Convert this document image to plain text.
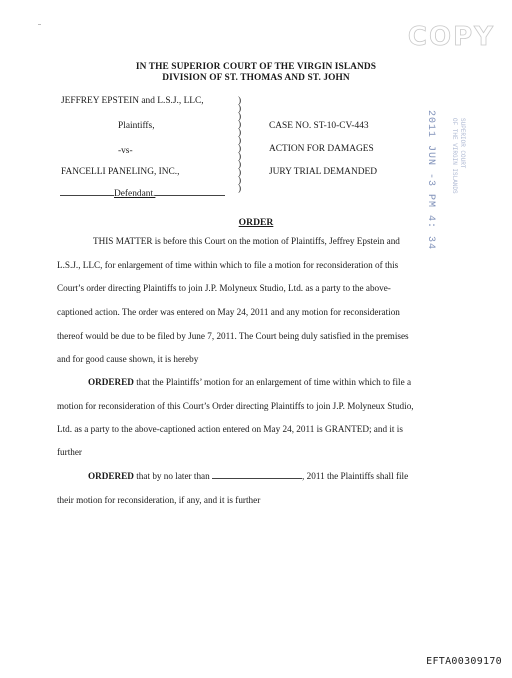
COPY
IN THE SUPERIOR COURT OF THE VIRGIN ISLANDS
DIVISION OF ST. THOMAS AND ST. JOHN
JEFFREY EPSTEIN and L.S.J., LLC,
Plaintiffs,
-vs-
FANCELLI PANELING, INC.,
Defendant.
)
)
)
)
)
)
)
)
)
)
)
)
CASE NO. ST-10-CV-443
ACTION FOR DAMAGES
JURY TRIAL DEMANDED	2011 JUN -3 PM 4: 34	SUPERIOR COURT
OF THE VIRGIN ISLANDS
ORDER
THIS MATTER is before this Court on the motion of Plaintiffs, Jeffrey Epstein and
L.S.J., LLC, for enlargement of time within which to file a motion for reconsideration of this
Court’s order directing Plaintiffs to join J.P. Molyneux Studio, Ltd. as a party to the above-
captioned action. The order was entered on May 24, 2011 and any motion for reconsideration
thereof would be due to be filed by June 7, 2011. The Court being duly satisfied in the premises
and for good cause shown, it is hereby
ORDERED that the Plaintiffs’ motion for an enlargement of time within which to file a
motion for reconsideration of this Court’s Order directing Plaintiffs to join J.P. Molyneux Studio,
Ltd. as a party to the above-captioned action entered on May 24, 2011 is GRANTED; and it is
further
ORDERED that by no later than	, 2011 the Plaintiffs shall file
their motion for reconsideration, if any, and it is further
EFTA00309170
